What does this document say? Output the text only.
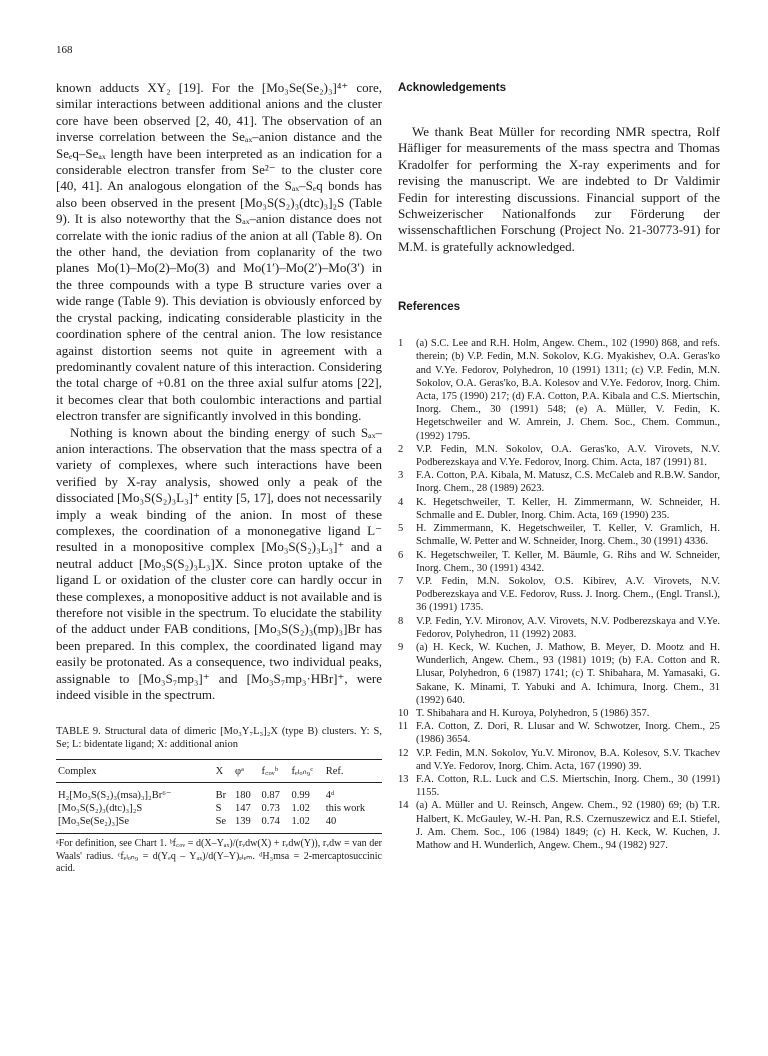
168

known adducts XY₂ [19]. For the [Mo₃Se(Se₂)₃]⁴⁺ core, similar interactions between additional anions and the cluster core have been observed [2, 40, 41]. The observation of an inverse correlation between the Seₐₓ–anion distance and the Seₑq–Seₐₓ length have been interpreted as an indication for a considerable electron transfer from Se²⁻ to the cluster core [40, 41]. An analogous elongation of the Sₐₓ–Sₑq bonds has also been observed in the present [Mo₃S(S₂)₃(dtc)₃]₂S (Table 9). It is also noteworthy that the Sₐₓ–anion distance does not correlate with the ionic radius of the anion at all (Table 8). On the other hand, the deviation from coplanarity of the two planes Mo(1)–Mo(2)–Mo(3) and Mo(1′)–Mo(2′)–Mo(3′) in the three compounds with a type B structure varies over a wide range (Table 9). This deviation is obviously enforced by the crystal packing, indicating considerable plasticity in the coordination sphere of the central anion. The low resistance against distortion seems not quite in agreement with a predominantly covalent nature of this interaction. Considering the total charge of +0.81 on the three axial sulfur atoms [22], it becomes clear that both coulombic interactions and partial electron transfer are significantly involved in this bonding.

Nothing is known about the binding energy of such Sₐₓ–anion interactions. The observation that the mass spectra of a variety of complexes, where such interactions have been verified by X-ray analysis, showed only a peak of the dissociated [Mo₃S(S₂)₃L₃]⁺ entity [5, 17], does not necessarily imply a weak binding of the anion. In most of these complexes, the coordination of a mononegative ligand L⁻ resulted in a monopositive complex [Mo₃S(S₂)₃L₃]⁺ and a neutral adduct [Mo₃S(S₂)₃L₃]X. Since proton uptake of the ligand L or oxidation of the cluster core can hardly occur in these complexes, a monopositive adduct is not available and is therefore not visible in the spectrum. To elucidate the stability of the adduct under FAB conditions, [Mo₃S(S₂)₃(mp)₃]Br has been prepared. In this complex, the coordinated ligand may easily be protonated. As a consequence, two individual peaks, assignable to [Mo₃S₇mp₃]⁺ and [Mo₃S₇mp₃·HBr]⁺, were indeed visible in the spectrum.

TABLE 9. Structural data of dimeric [Mo₃Y₇L₃]₂X (type B) clusters. Y: S, Se; L: bidentate ligand; X: additional anion
Complex	X	φᵃ	f꜀ₒᵥᵇ	fₑₗₒₙ₉ᶜ	Ref.
H₂[Mo₃S(S₂)₃(msa)₃]₂Br⁶⁻	Br	180	0.87	0.99	4ᵈ
[Mo₃S(S₂)₃(dtc)₃]₂S	S	147	0.73	1.02	this work
[Mo₃Se(Se₂)₃]Se	Se	139	0.74	1.02	40
ᵃFor definition, see Chart 1. ᵇf꜀ₒᵥ = d(X–Yₐₓ)/(rᵥdw(X) + rᵥdw(Y)), rᵥdw = van der Waals' radius. ᶜfₑₗₒₙ₉ = d(Yₑq – Yₐₓ)/d(Y–Y)ₑₗₑₘ. ᵈH₃msa = 2-mercaptosuccinic acid.
Acknowledgements

We thank Beat Müller for recording NMR spectra, Rolf Häfliger for measurements of the mass spectra and Thomas Kradolfer for performing the X-ray experiments and for revising the manuscript. We are indebted to Dr Valdimir Fedin for interesting discussions. Financial support of the Schweizerischer Nationalfonds zur Förderung der wissenschaftlichen Forschung (Project No. 21-30773-91) for M.M. is gratefully acknowledged.

References
1	(a) S.C. Lee and R.H. Holm, Angew. Chem., 102 (1990) 868, and refs. therein; (b) V.P. Fedin, M.N. Sokolov, K.G. Myakishev, O.A. Geras'ko and V.Ye. Fedorov, Polyhedron, 10 (1991) 1311; (c) V.P. Fedin, M.N. Sokolov, O.A. Geras'ko, B.A. Kolesov and V.Ye. Fedorov, Inorg. Chim. Acta, 175 (1990) 217; (d) F.A. Cotton, P.A. Kibala and C.S. Miertschin, Inorg. Chem., 30 (1991) 548; (e) A. Müller, V. Fedin, K. Hegetschweiler and W. Amrein, J. Chem. Soc., Chem. Commun., (1992) 1795.
2	V.P. Fedin, M.N. Sokolov, O.A. Geras'ko, A.V. Virovets, N.V. Podberezskaya and V.Ye. Fedorov, Inorg. Chim. Acta, 187 (1991) 81.
3	F.A. Cotton, P.A. Kibala, M. Matusz, C.S. McCaleb and R.B.W. Sandor, Inorg. Chem., 28 (1989) 2623.
4	K. Hegetschweiler, T. Keller, H. Zimmermann, W. Schneider, H. Schmalle and E. Dubler, Inorg. Chim. Acta, 169 (1990) 235.
5	H. Zimmermann, K. Hegetschweiler, T. Keller, V. Gramlich, H. Schmalle, W. Petter and W. Schneider, Inorg. Chem., 30 (1991) 4336.
6	K. Hegetschweiler, T. Keller, M. Bäumle, G. Rihs and W. Schneider, Inorg. Chem., 30 (1991) 4342.
7	V.P. Fedin, M.N. Sokolov, O.S. Kibirev, A.V. Virovets, N.V. Podberezskaya and V.E. Fedorov, Russ. J. Inorg. Chem., (Engl. Transl.), 36 (1991) 1735.
8	V.P. Fedin, Y.V. Mironov, A.V. Virovets, N.V. Podberezskaya and V.Ye. Fedorov, Polyhedron, 11 (1992) 2083.
9	(a) H. Keck, W. Kuchen, J. Mathow, B. Meyer, D. Mootz and H. Wunderlich, Angew. Chem., 93 (1981) 1019; (b) F.A. Cotton and R. Llusar, Polyhedron, 6 (1987) 1741; (c) T. Shibahara, M. Yamasaki, G. Sakane, K. Minami, T. Yabuki and A. Ichimura, Inorg. Chem., 31 (1992) 640.
10 T. Shibahara and H. Kuroya, Polyhedron, 5 (1986) 357.
11 F.A. Cotton, Z. Dori, R. Llusar and W. Schwotzer, Inorg. Chem., 25 (1986) 3654.
12 V.P. Fedin, M.N. Sokolov, Yu.V. Mironov, B.A. Kolesov, S.V. Tkachev and V.Ye. Fedorov, Inorg. Chim. Acta, 167 (1990) 39.
13 F.A. Cotton, R.L. Luck and C.S. Miertschin, Inorg. Chem., 30 (1991) 1155.
14 (a) A. Müller and U. Reinsch, Angew. Chem., 92 (1980) 69; (b) T.R. Halbert, K. McGauley, W.-H. Pan, R.S. Czernuszewicz and E.I. Stiefel, J. Am. Chem. Soc., 106 (1984) 1849; (c) H. Keck, W. Kuchen, J. Mathow and H. Wunderlich, Angew. Chem., 94 (1982) 927.
